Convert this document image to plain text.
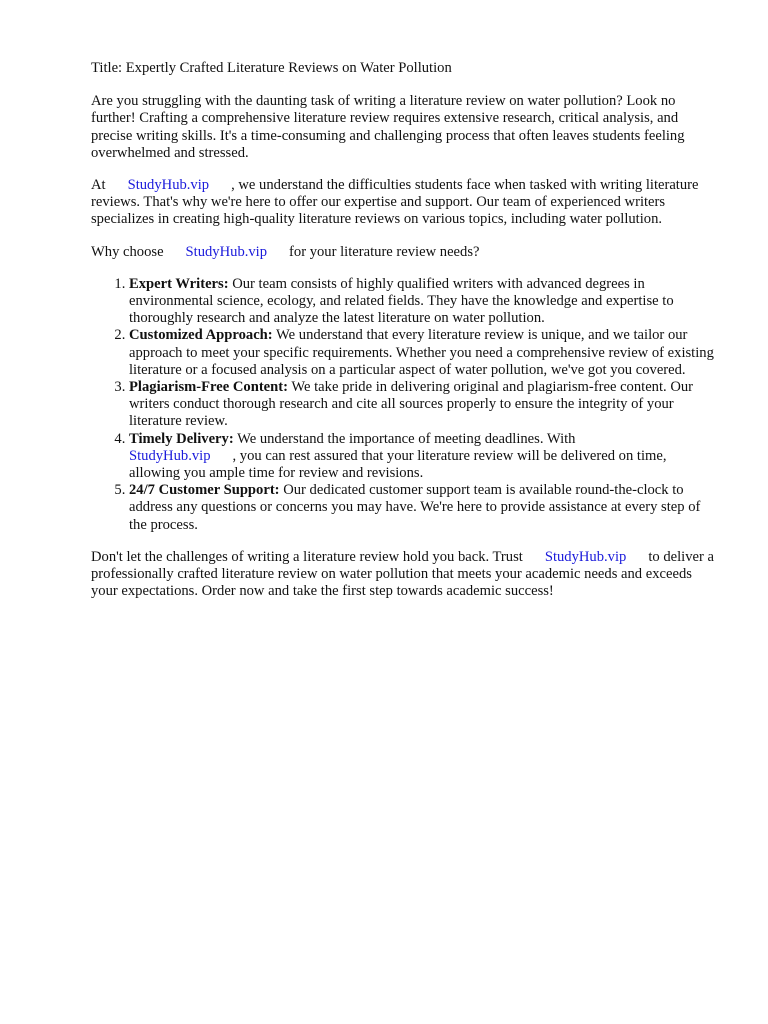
Title: Expertly Crafted Literature Reviews on Water Pollution

Are you struggling with the daunting task of writing a literature review on water pollution? Look no further! Crafting a comprehensive literature review requires extensive research, critical analysis, and precise writing skills. It's a time-consuming and challenging process that often leaves students feeling overwhelmed and stressed.

At StudyHub.vip , we understand the difficulties students face when tasked with writing literature reviews. That's why we're here to offer our expertise and support. Our team of experienced writers specializes in creating high-quality literature reviews on various topics, including water pollution.

Why choose StudyHub.vip for your literature review needs?

1. Expert Writers: Our team consists of highly qualified writers with advanced degrees in environmental science, ecology, and related fields. They have the knowledge and expertise to thoroughly research and analyze the latest literature on water pollution.
2. Customized Approach: We understand that every literature review is unique, and we tailor our approach to meet your specific requirements. Whether you need a comprehensive review of existing literature or a focused analysis on a particular aspect of water pollution, we've got you covered.
3. Plagiarism-Free Content: We take pride in delivering original and plagiarism-free content. Our writers conduct thorough research and cite all sources properly to ensure the integrity of your literature review.
4. Timely Delivery: We understand the importance of meeting deadlines. With
StudyHub.vip , you can rest assured that your literature review will be delivered on time, allowing you ample time for review and revisions.
5. 24/7 Customer Support: Our dedicated customer support team is available round-the-clock to address any questions or concerns you may have. We're here to provide assistance at every step of the process.

Don't let the challenges of writing a literature review hold you back. Trust StudyHub.vip to deliver a professionally crafted literature review on water pollution that meets your academic needs and exceeds your expectations. Order now and take the first step towards academic success!
